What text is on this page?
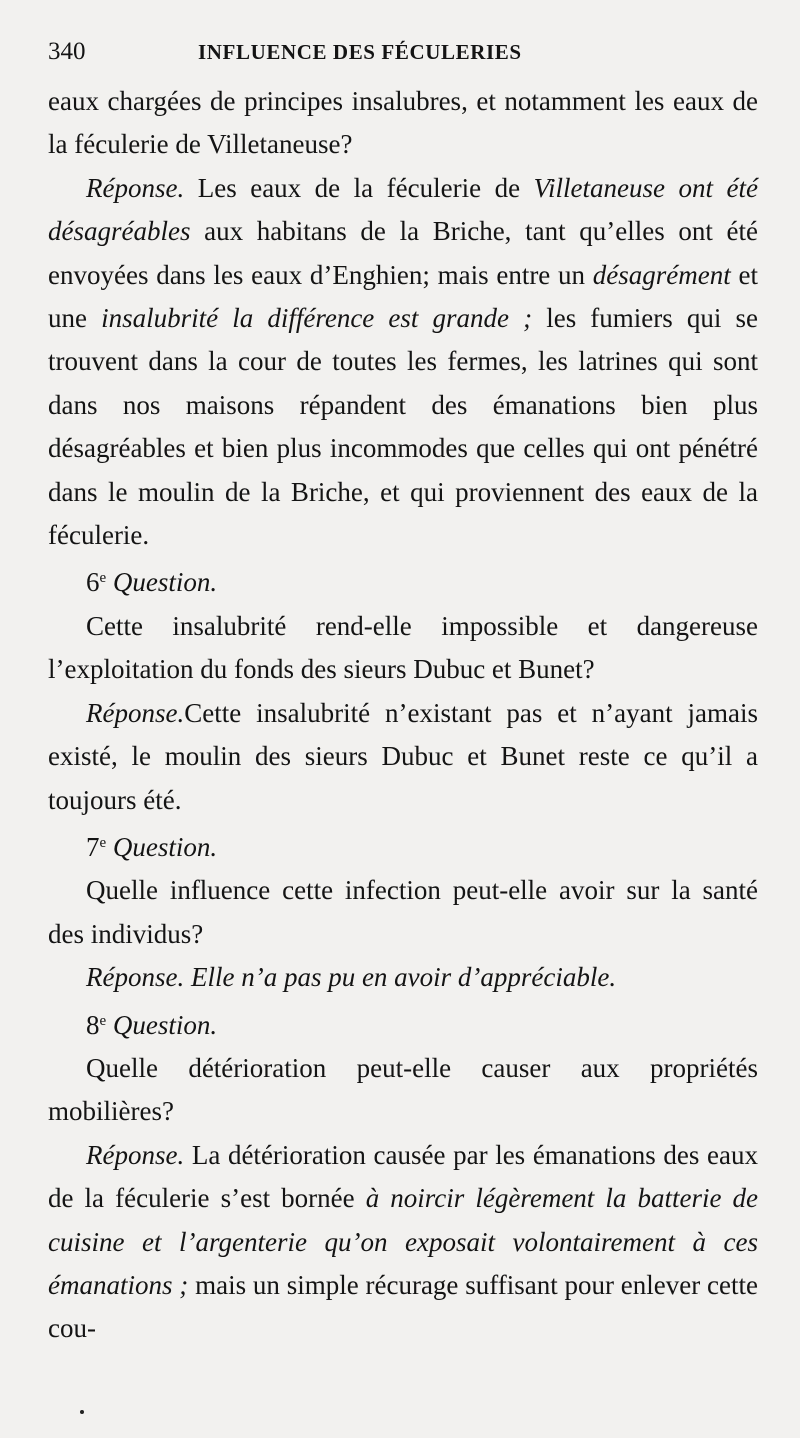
340	INFLUENCE DES FÉCULERIES

eaux chargées de principes insalubres, et notamment les eaux de la féculerie de Villetaneuse?

Réponse. Les eaux de la féculerie de Villetaneuse ont été désagréables aux habitans de la Briche, tant qu’elles ont été envoyées dans les eaux d’Enghien; mais entre un désagrément et une insalubrité la différence est grande ; les fumiers qui se trouvent dans la cour de toutes les fermes, les latrines qui sont dans nos maisons répandent des émanations bien plus désagréables et bien plus incommodes que celles qui ont pénétré dans le moulin de la Briche, et qui proviennent des eaux de la féculerie.

6e Question.

Cette insalubrité rend-elle impossible et dangereuse l’exploitation du fonds des sieurs Dubuc et Bunet?

Réponse.Cette insalubrité n’existant pas et n’ayant jamais existé, le moulin des sieurs Dubuc et Bunet reste ce qu’il a toujours été.

7e Question.

Quelle influence cette infection peut-elle avoir sur la santé des individus?

Réponse. Elle n’a pas pu en avoir d’appréciable.

8e Question.

Quelle détérioration peut-elle causer aux propriétés mobilières?

Réponse. La détérioration causée par les émanations des eaux de la féculerie s’est bornée à noircir légèrement la batterie de cuisine et l’argenterie qu’on exposait volontairement à ces émanations ; mais un simple récurage suffisant pour enlever cette cou-
